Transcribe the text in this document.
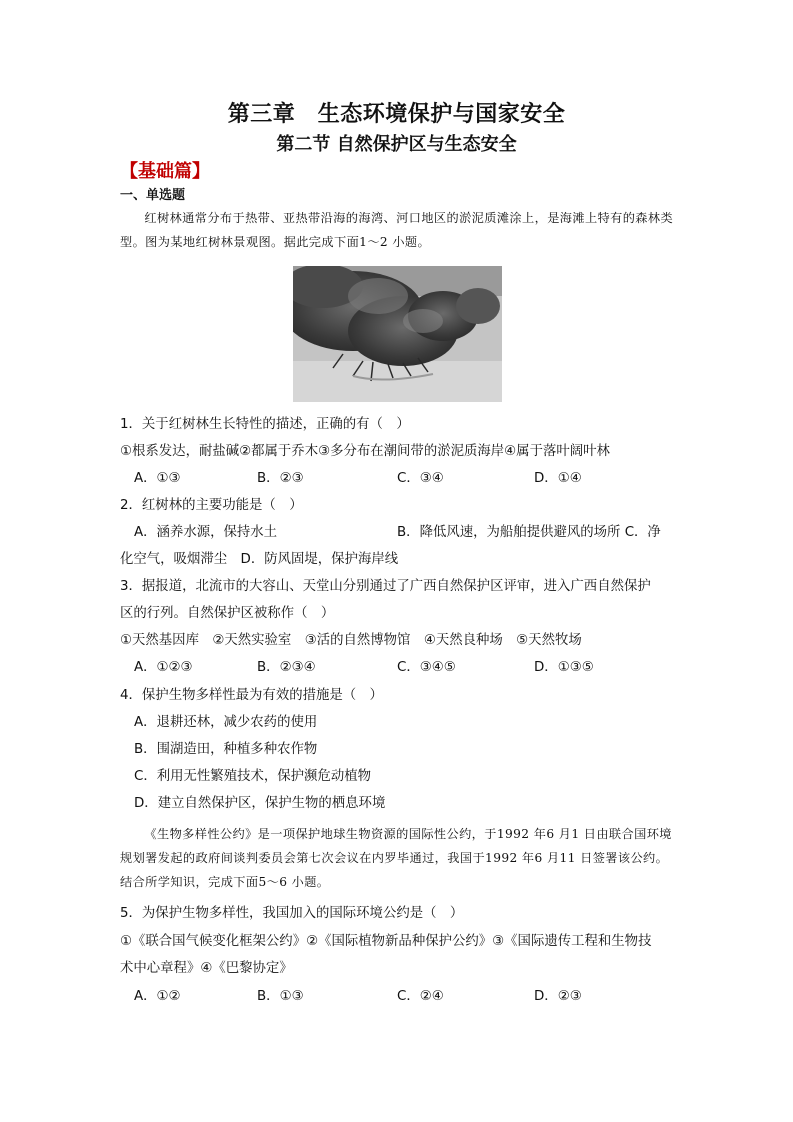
第三章　生态环境保护与国家安全
第二节 自然保护区与生态安全
【基础篇】
一、单选题
红树林通常分布于热带、亚热带沿海的海湾、河口地区的淤泥质滩涂上，是海滩上特有的森林类型。图为某地红树林景观图。据此完成下面1～2 小题。
1．关于红树林生长特性的描述，正确的有（　）
①根系发达，耐盐碱②都属于乔木③多分布在潮间带的淤泥质海岸④属于落叶阔叶林
A．①③	B．②③	C．③④	D．①④
2．红树林的主要功能是（　）
A．涵养水源，保持水土	B．降低风速，为船舶提供避风的场所 C．净
化空气，吸烟滞尘　D．防风固堤，保护海岸线
3．据报道，北流市的大容山、天堂山分别通过了广西自然保护区评审，进入广西自然保护
区的行列。自然保护区被称作（　）
①天然基因库　②天然实验室　③活的自然博物馆　④天然良种场　⑤天然牧场
A．①②③	B．②③④	C．③④⑤	D．①③⑤
4．保护生物多样性最为有效的措施是（　）
A．退耕还林，减少农药的使用
B．围湖造田，种植多种农作物
C．利用无性繁殖技术，保护濒危动植物
D．建立自然保护区，保护生物的栖息环境
《生物多样性公约》是一项保护地球生物资源的国际性公约，于1992 年6 月1 日由联合国环境规划署发起的政府间谈判委员会第七次会议在内罗毕通过，我国于1992 年6 月11 日签署该公约。结合所学知识，完成下面5～6 小题。
5．为保护生物多样性，我国加入的国际环境公约是（　）
①《联合国气候变化框架公约》②《国际植物新品种保护公约》③《国际遗传工程和生物技
术中心章程》④《巴黎协定》
A．①②	B．①③	C．②④	D．②③
